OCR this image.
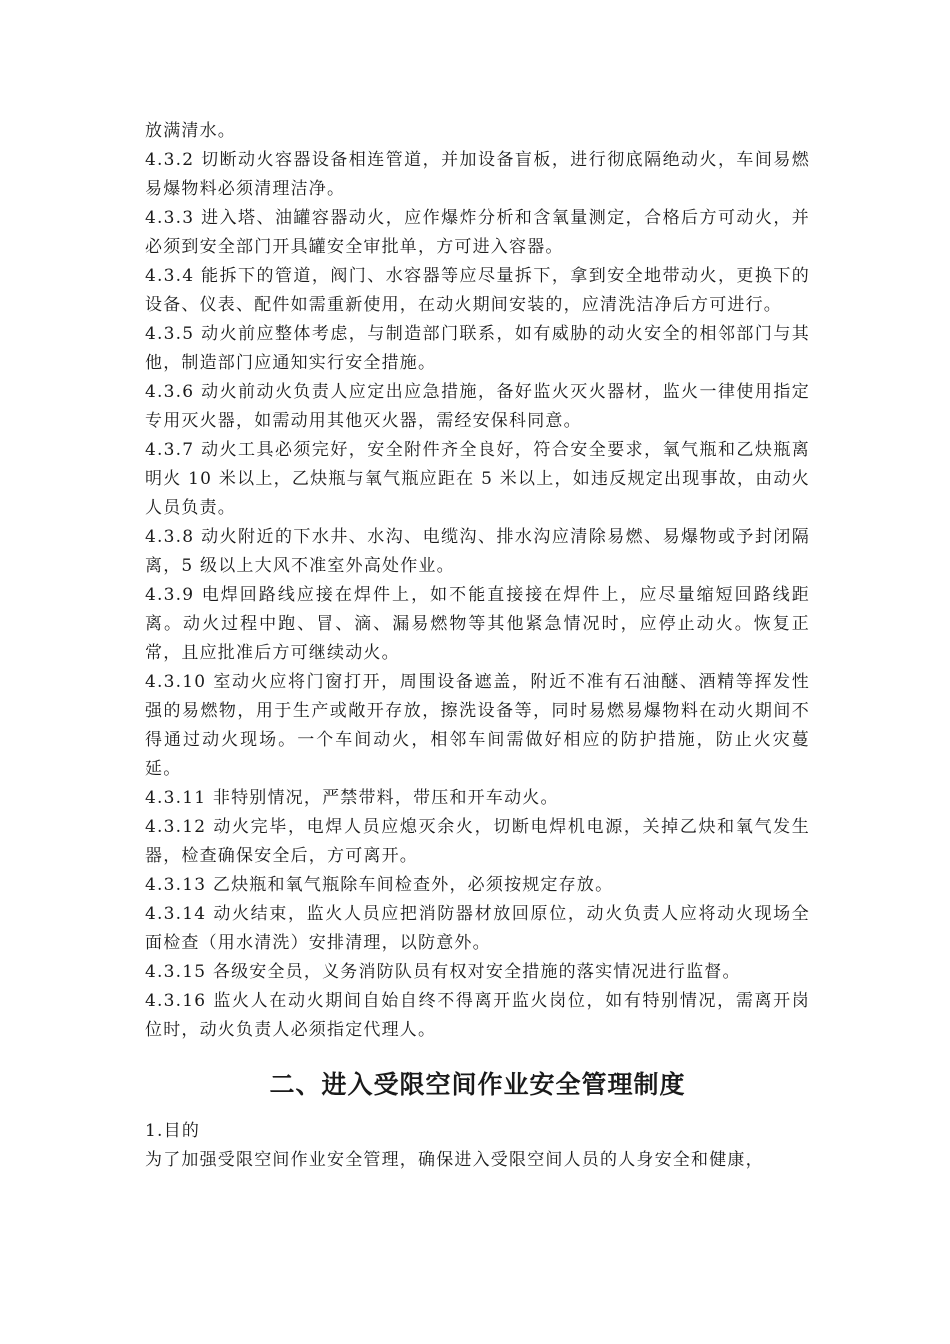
放满清水。

4.3.2 切断动火容器设备相连管道，并加设备盲板，进行彻底隔绝动火，车间易燃易爆物料必须清理洁净。

4.3.3 进入塔、油罐容器动火，应作爆炸分析和含氧量测定，合格后方可动火，并必须到安全部门开具罐安全审批单，方可进入容器。

4.3.4 能拆下的管道，阀门、水容器等应尽量拆下，拿到安全地带动火，更换下的设备、仪表、配件如需重新使用，在动火期间安装的，应清洗洁净后方可进行。

4.3.5 动火前应整体考虑，与制造部门联系，如有威胁的动火安全的相邻部门与其他，制造部门应通知实行安全措施。

4.3.6 动火前动火负责人应定出应急措施，备好监火灭火器材，监火一律使用指定专用灭火器，如需动用其他灭火器，需经安保科同意。

4.3.7 动火工具必须完好，安全附件齐全良好，符合安全要求，氧气瓶和乙炔瓶离明火 10 米以上，乙炔瓶与氧气瓶应距在 5 米以上，如违反规定出现事故，由动火人员负责。

4.3.8 动火附近的下水井、水沟、电缆沟、排水沟应清除易燃、易爆物或予封闭隔离，5 级以上大风不准室外高处作业。

4.3.9 电焊回路线应接在焊件上，如不能直接接在焊件上，应尽量缩短回路线距离。动火过程中跑、冒、滴、漏易燃物等其他紧急情况时，应停止动火。恢复正常，且应批准后方可继续动火。

4.3.10 室动火应将门窗打开，周围设备遮盖，附近不准有石油醚、酒精等挥发性强的易燃物，用于生产或敞开存放，擦洗设备等，同时易燃易爆物料在动火期间不得通过动火现场。一个车间动火，相邻车间需做好相应的防护措施，防止火灾蔓延。

4.3.11 非特别情况，严禁带料，带压和开车动火。

4.3.12 动火完毕，电焊人员应熄灭余火，切断电焊机电源，关掉乙炔和氧气发生器，检查确保安全后，方可离开。

4.3.13 乙炔瓶和氧气瓶除车间检查外，必须按规定存放。

4.3.14 动火结束，监火人员应把消防器材放回原位，动火负责人应将动火现场全面检查（用水清洗）安排清理，以防意外。

4.3.15 各级安全员，义务消防队员有权对安全措施的落实情况进行监督。

4.3.16 监火人在动火期间自始自终不得离开监火岗位，如有特别情况，需离开岗位时，动火负责人必须指定代理人。

二、进入受限空间作业安全管理制度

1.目的

为了加强受限空间作业安全管理，确保进入受限空间人员的人身安全和健康，
